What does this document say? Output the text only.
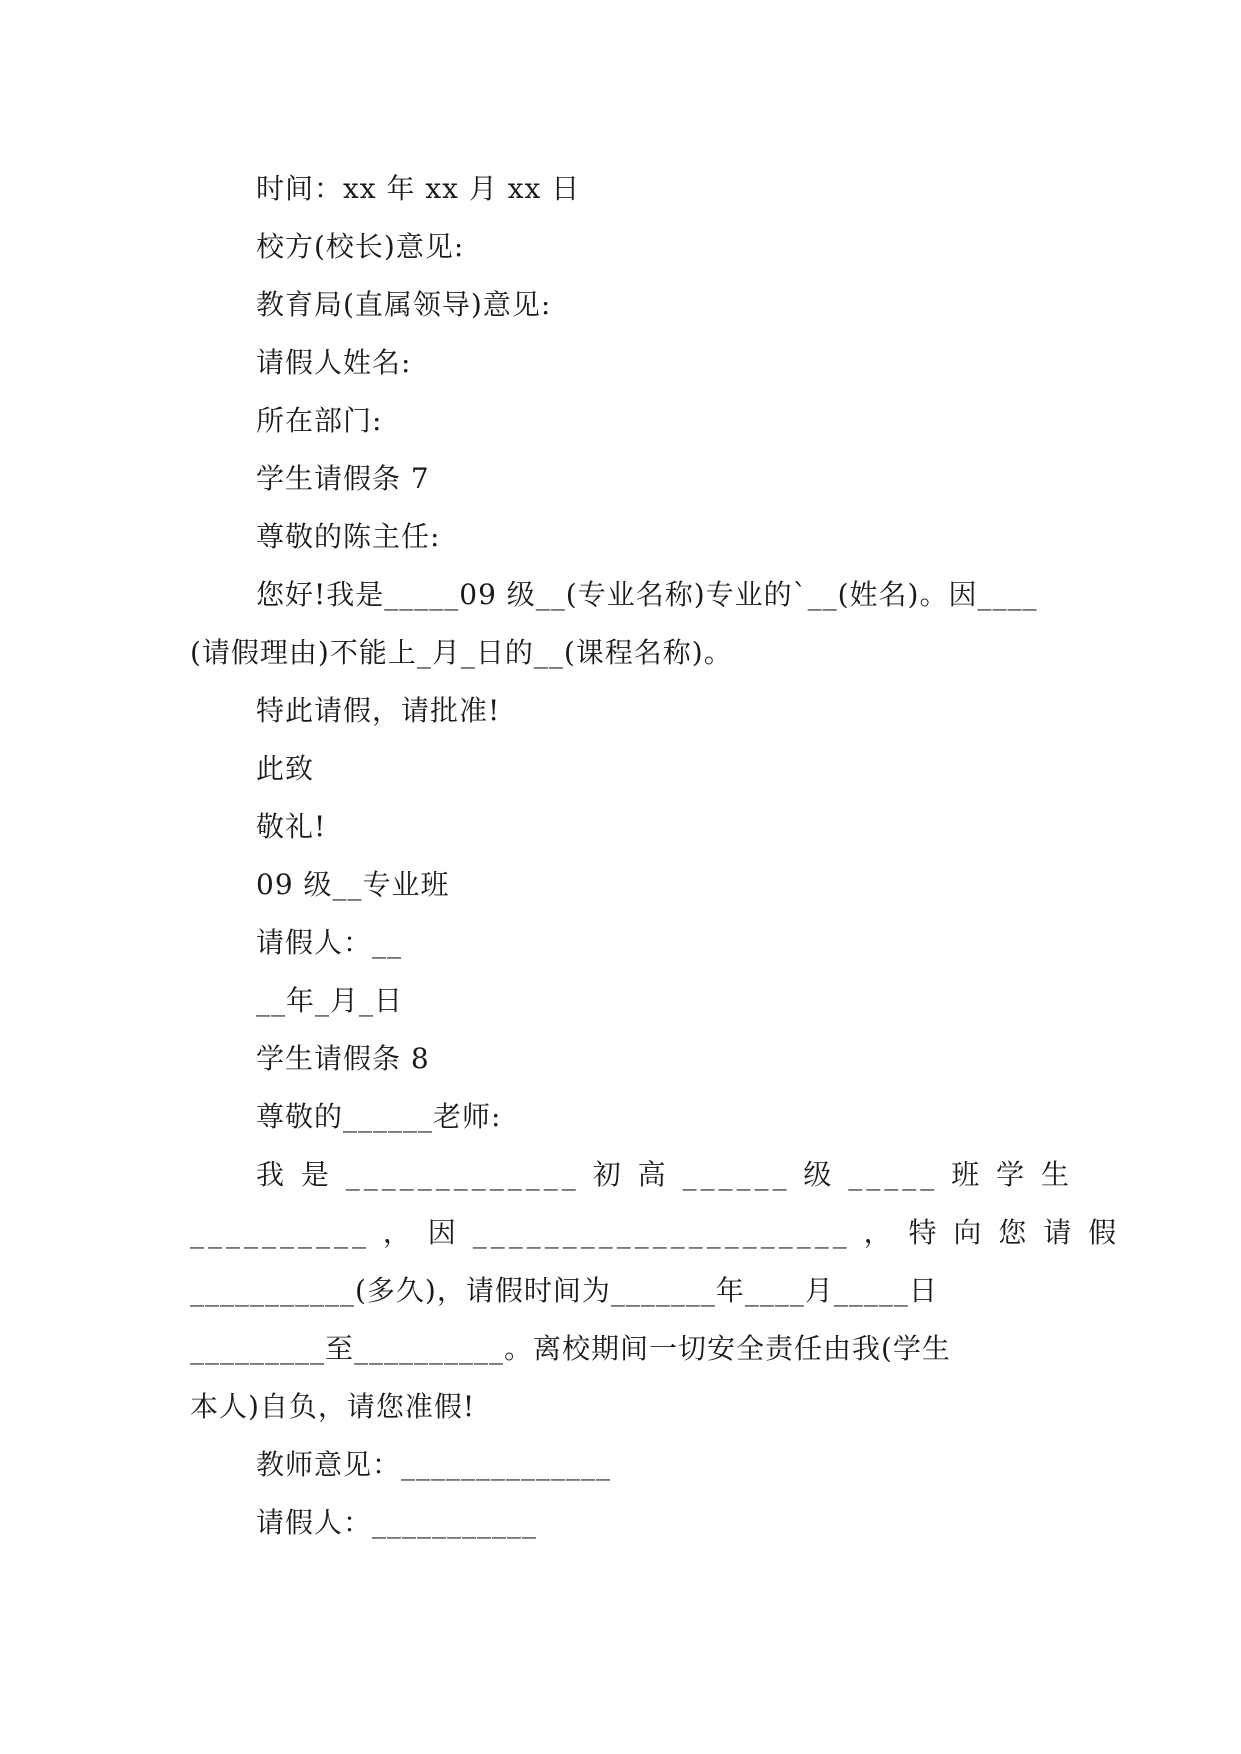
时间：xx 年 xx 月 xx 日
校方(校长)意见:
教育局(直属领导)意见:
请假人姓名:
所在部门:
学生请假条 7
尊敬的陈主任:
您好!我是_____09 级__(专业名称)专业的`__(姓名)。因____(请假理由)不能上_月_日的__(课程名称)。
特此请假，请批准!
此致
敬礼!
09 级__专业班
请假人：__
__年_月_日
学生请假条 8
尊敬的______老师:
我 是 _____________ 初 高 ______ 级 _____ 班 学 生
__________ ， 因 _____________________ ， 特 向 您 请 假
___________(多久)，请假时间为_______年____月_____日
_________至__________。离校期间一切安全责任由我(学生
本人)自负，请您准假!
教师意见：______________
请假人：___________
